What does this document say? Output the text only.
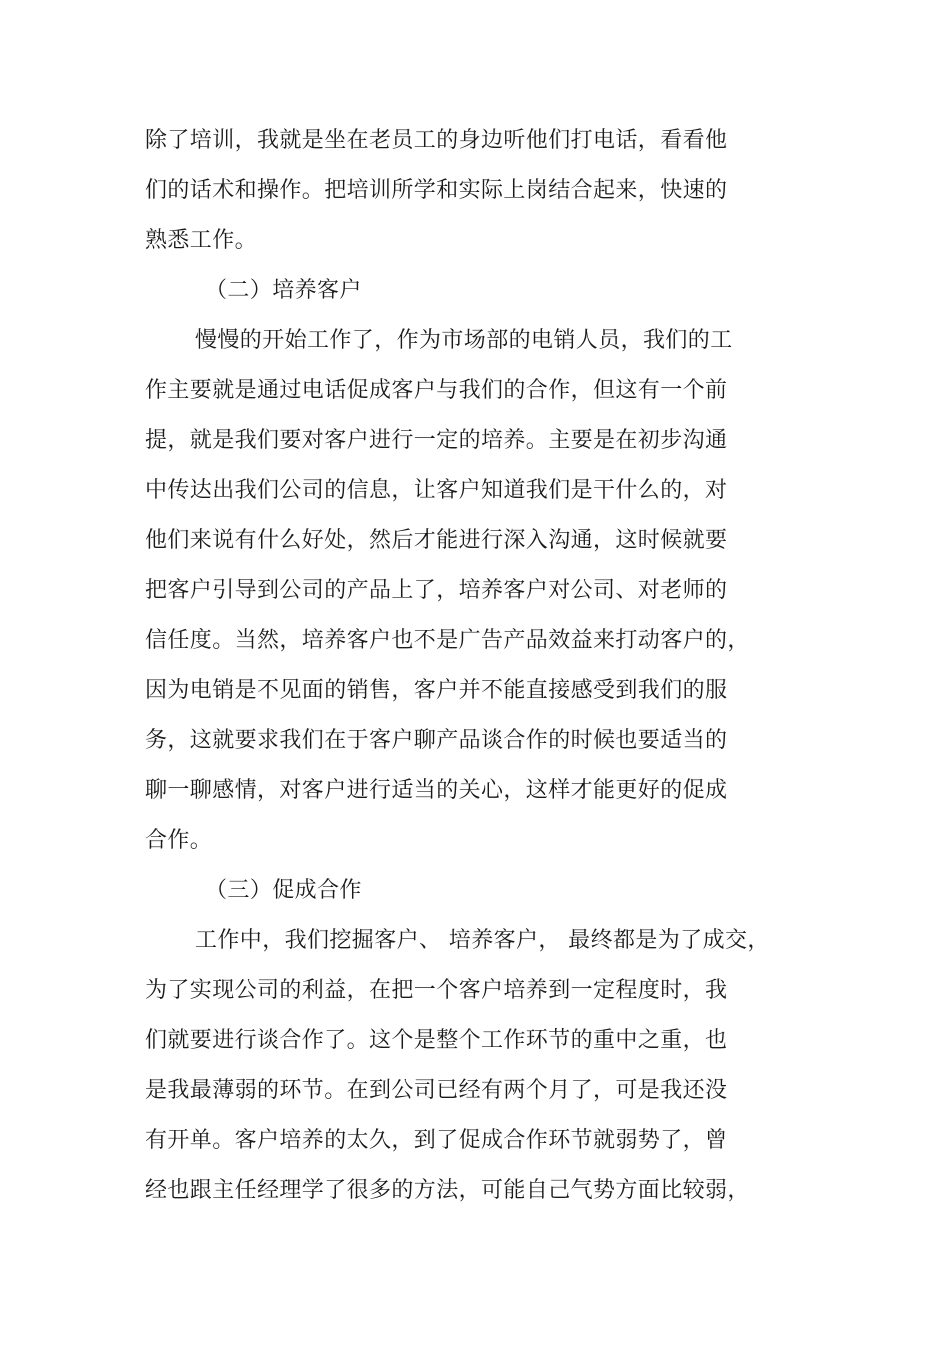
除了培训，我就是坐在老员工的身边听他们打电话，看看他
们的话术和操作。把培训所学和实际上岗结合起来，快速的
熟悉工作。
（二）培养客户
慢慢的开始工作了，作为市场部的电销人员，我们的工
作主要就是通过电话促成客户与我们的合作，但这有一个前
提，就是我们要对客户进行一定的培养。主要是在初步沟通
中传达出我们公司的信息，让客户知道我们是干什么的，对
他们来说有什么好处，然后才能进行深入沟通，这时候就要
把客户引导到公司的产品上了，培养客户对公司、对老师的
信任度。当然，培养客户也不是广告产品效益来打动客户的，
因为电销是不见面的销售，客户并不能直接感受到我们的服
务，这就要求我们在于客户聊产品谈合作的时候也要适当的
聊一聊感情，对客户进行适当的关心，这样才能更好的促成
合作。
（三）促成合作
工作中，我们挖掘客户、 培养客户， 最终都是为了成交，
为了实现公司的利益，在把一个客户培养到一定程度时，我
们就要进行谈合作了。这个是整个工作环节的重中之重，也
是我最薄弱的环节。在到公司已经有两个月了，可是我还没
有开单。客户培养的太久，到了促成合作环节就弱势了，曾
经也跟主任经理学了很多的方法，可能自己气势方面比较弱，
